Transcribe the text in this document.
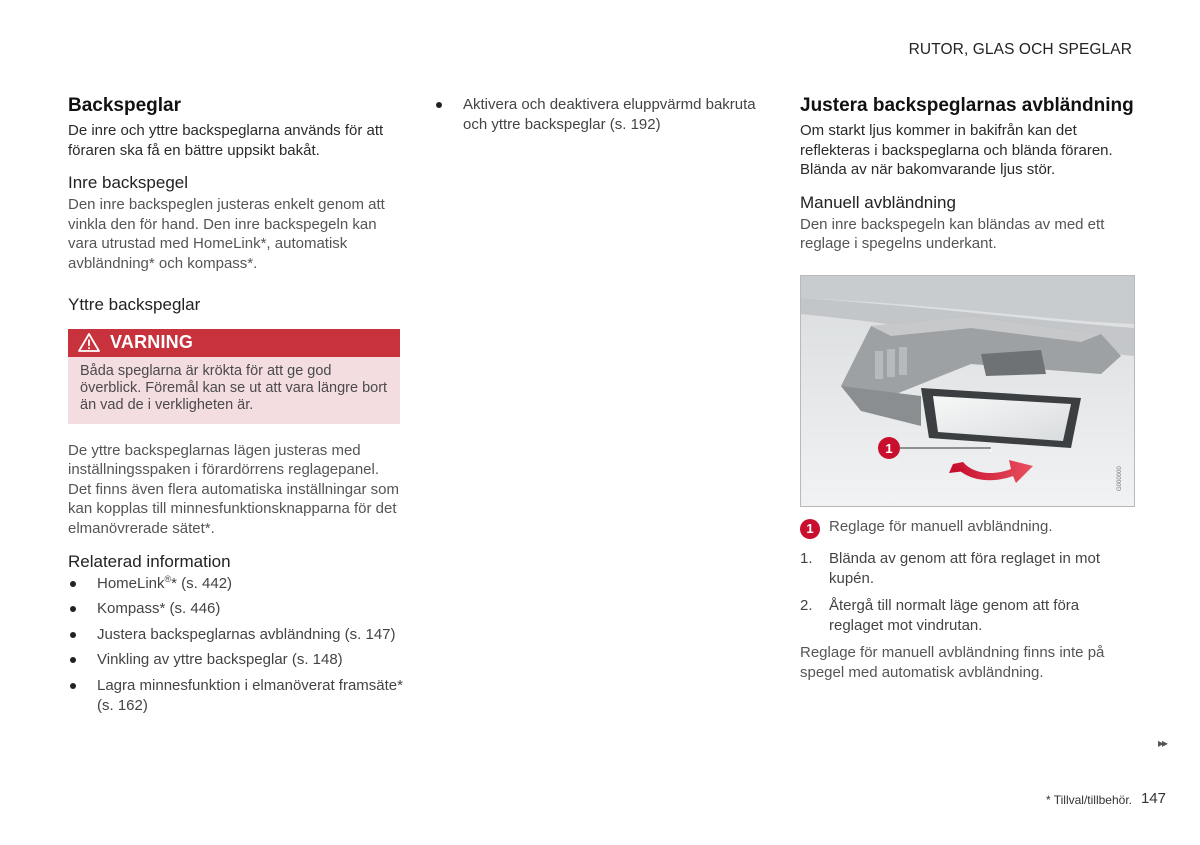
RUTOR, GLAS OCH SPEGLAR
Backspeglar

De inre och yttre backspeglarna används för att föraren ska få en bättre uppsikt bakåt.

Inre backspegel

Den inre backspeglen justeras enkelt genom att vinkla den för hand. Den inre backspegeln kan vara utrustad med HomeLink*, automatisk avbländning* och kompass*.

Yttre backspeglar
VARNING
Båda speglarna är krökta för att ge god överblick. Föremål kan se ut att vara längre bort än vad de i verkligheten är.

De yttre backspeglarnas lägen justeras med inställningsspaken i förardörrens reglagepanel. Det finns även flera automatiska inställningar som kan kopplas till minnesfunktionsknapparna för det elmanövrerade sätet*.

Relaterad information
HomeLink®* (s. 442)
Kompass* (s. 446)
Justera backspeglarnas avbländning (s. 147)
Vinkling av yttre backspeglar (s. 148)
Lagra minnesfunktion i elmanöverat framsäte* (s. 162)
Aktivera och deaktivera eluppvärmd bakruta och yttre backspeglar (s. 192)
Justera backspeglarnas avbländning

Om starkt ljus kommer in bakifrån kan det reflekteras i backspeglarna och blända föraren. Blända av när bakomvarande ljus stör.

Manuell avbländning

Den inre backspegeln kan bländas av med ett reglage i spegelns underkant.

1
G000000
1	Reglage för manuell avbländning.

1. Blända av genom att föra reglaget in mot kupén.
2. Återgå till normalt läge genom att föra reglaget mot vindrutan.

Reglage för manuell avbländning finns inte på spegel med automatisk avbländning.

▸▸
* Tillval/tillbehör. 147
